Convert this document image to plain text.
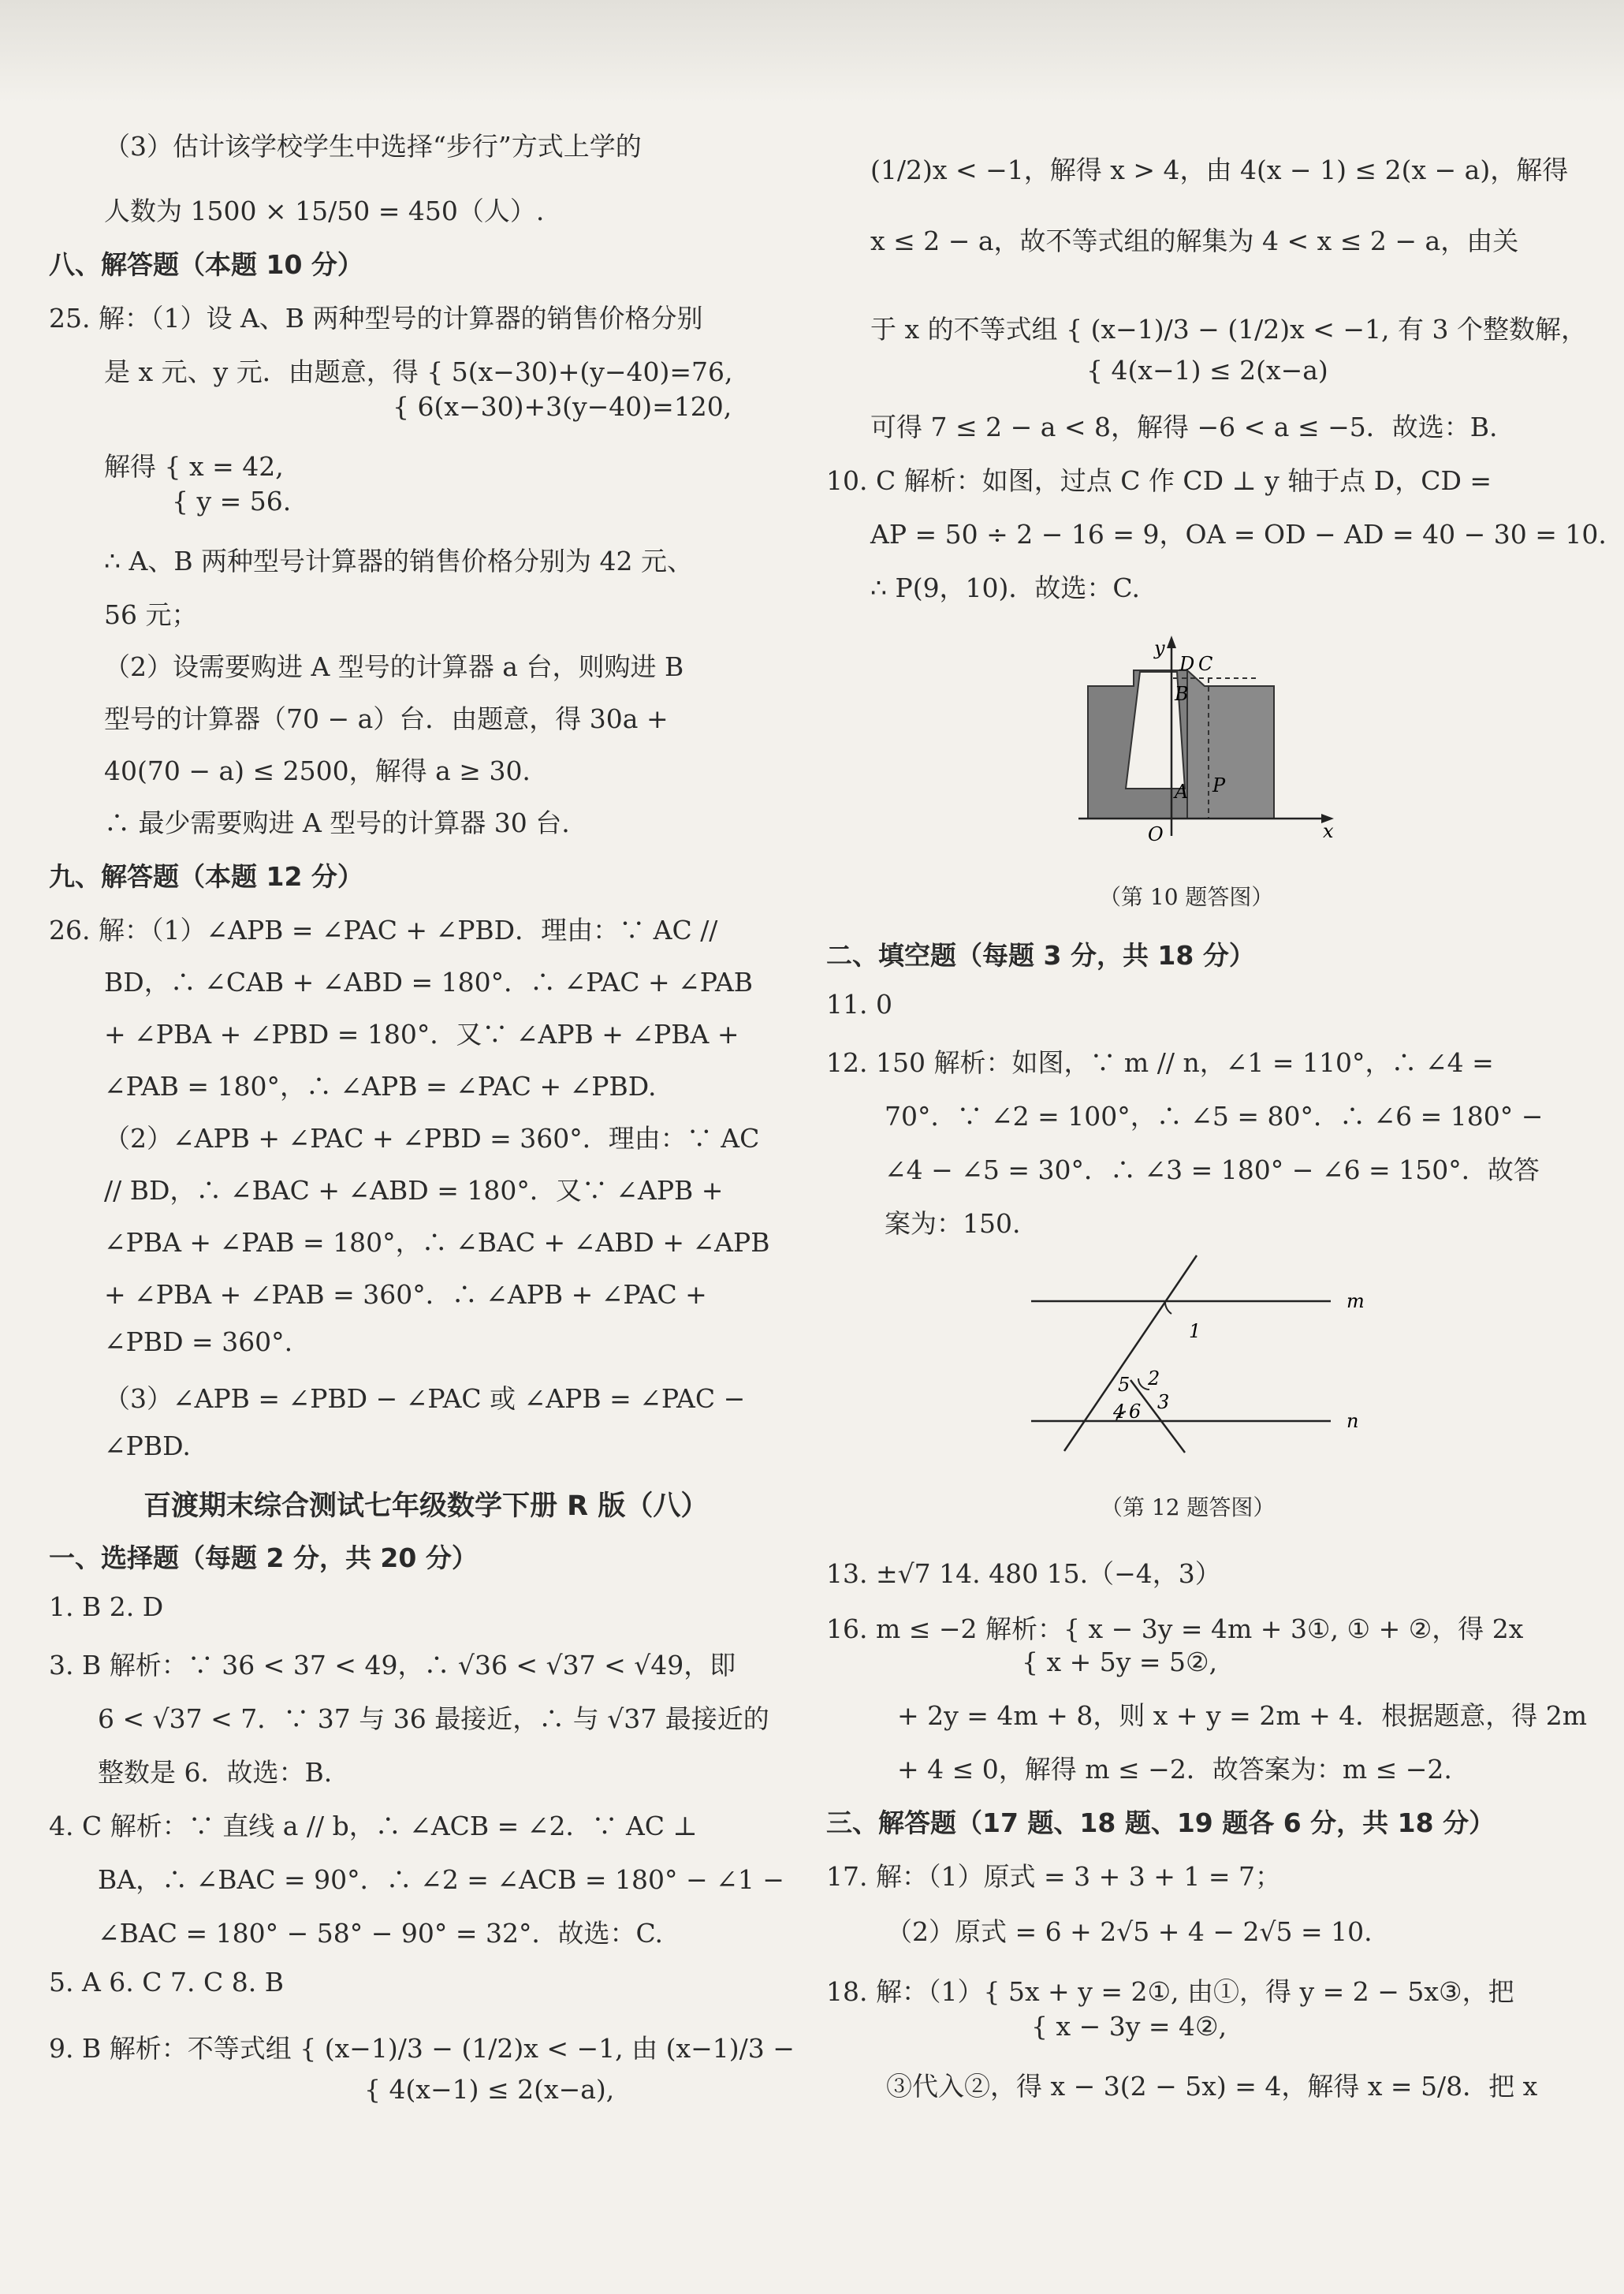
（3）估计该学校学生中选择“步行”方式上学的
人数为 1500 × 15/50 = 450（人）.
八、解答题（本题 10 分）
25. 解：（1）设 A、B 两种型号的计算器的销售价格分别
是 x 元、y 元．由题意，得 { 5(x−30)+(y−40)=76,
{ 6(x−30)+3(y−40)=120,
解得 { x = 42,
{ y = 56.
∴ A、B 两种型号计算器的销售价格分别为 42 元、
56 元；
（2）设需要购进 A 型号的计算器 a 台，则购进 B
型号的计算器（70 − a）台．由题意，得 30a +
40(70 − a) ≤ 2500，解得 a ≥ 30.
∴ 最少需要购进 A 型号的计算器 30 台.
九、解答题（本题 12 分）
26. 解：（1）∠APB = ∠PAC + ∠PBD．理由：∵ AC //
BD，∴ ∠CAB + ∠ABD = 180°．∴ ∠PAC + ∠PAB
+ ∠PBA + ∠PBD = 180°．又∵ ∠APB + ∠PBA +
∠PAB = 180°，∴ ∠APB = ∠PAC + ∠PBD.
（2）∠APB + ∠PAC + ∠PBD = 360°．理由：∵ AC
// BD，∴ ∠BAC + ∠ABD = 180°．又∵ ∠APB +
∠PBA + ∠PAB = 180°，∴ ∠BAC + ∠ABD + ∠APB
+ ∠PBA + ∠PAB = 360°．∴ ∠APB + ∠PAC +
∠PBD = 360°.
（3）∠APB = ∠PBD − ∠PAC 或 ∠APB = ∠PAC −
∠PBD.
百渡期末综合测试七年级数学下册 R 版（八）
一、选择题（每题 2 分，共 20 分）
1. B 2. D
3. B 解析：∵ 36 < 37 < 49，∴ √36 < √37 < √49，即
6 < √37 < 7．∵ 37 与 36 最接近，∴ 与 √37 最接近的
整数是 6．故选：B.
4. C 解析：∵ 直线 a // b，∴ ∠ACB = ∠2．∵ AC ⊥
BA，∴ ∠BAC = 90°．∴ ∠2 = ∠ACB = 180° − ∠1 −
∠BAC = 180° − 58° − 90° = 32°．故选：C.
5. A 6. C 7. C 8. B
9. B 解析：不等式组 { (x−1)/3 − (1/2)x < −1, 由 (x−1)/3 −
{ 4(x−1) ≤ 2(x−a),
(1/2)x < −1，解得 x > 4，由 4(x − 1) ≤ 2(x − a)，解得
x ≤ 2 − a，故不等式组的解集为 4 < x ≤ 2 − a，由关
于 x 的不等式组 { (x−1)/3 − (1/2)x < −1, 有 3 个整数解，
{ 4(x−1) ≤ 2(x−a)
可得 7 ≤ 2 − a < 8，解得 −6 < a ≤ −5．故选：B.
10. C 解析：如图，过点 C 作 CD ⊥ y 轴于点 D，CD =
AP = 50 ÷ 2 − 16 = 9，OA = OD − AD = 40 − 30 = 10.
∴ P(9，10)．故选：C.
y
x
O
D C
B
A P
（第 10 题答图）
二、填空题（每题 3 分，共 18 分）
11. 0
12. 150 解析：如图，∵ m // n，∠1 = 110°，∴ ∠4 =
70°．∵ ∠2 = 100°，∴ ∠5 = 80°．∴ ∠6 = 180° −
∠4 − ∠5 = 30°．∴ ∠3 = 180° − ∠6 = 150°．故答
案为：150.
m
n
1
2
3
4
5
6
（第 12 题答图）
13. ±√7 14. 480 15.（−4，3）
16. m ≤ −2 解析：{ x − 3y = 4m + 3①, ① + ②，得 2x
{ x + 5y = 5②,
+ 2y = 4m + 8，则 x + y = 2m + 4．根据题意，得 2m
+ 4 ≤ 0，解得 m ≤ −2．故答案为：m ≤ −2.
三、解答题（17 题、18 题、19 题各 6 分，共 18 分）
17. 解：（1）原式 = 3 + 3 + 1 = 7；
（2）原式 = 6 + 2√5 + 4 − 2√5 = 10.
18. 解：（1）{ 5x + y = 2①, 由①，得 y = 2 − 5x③，把
{ x − 3y = 4②,
③代入②，得 x − 3(2 − 5x) = 4，解得 x = 5/8．把 x
